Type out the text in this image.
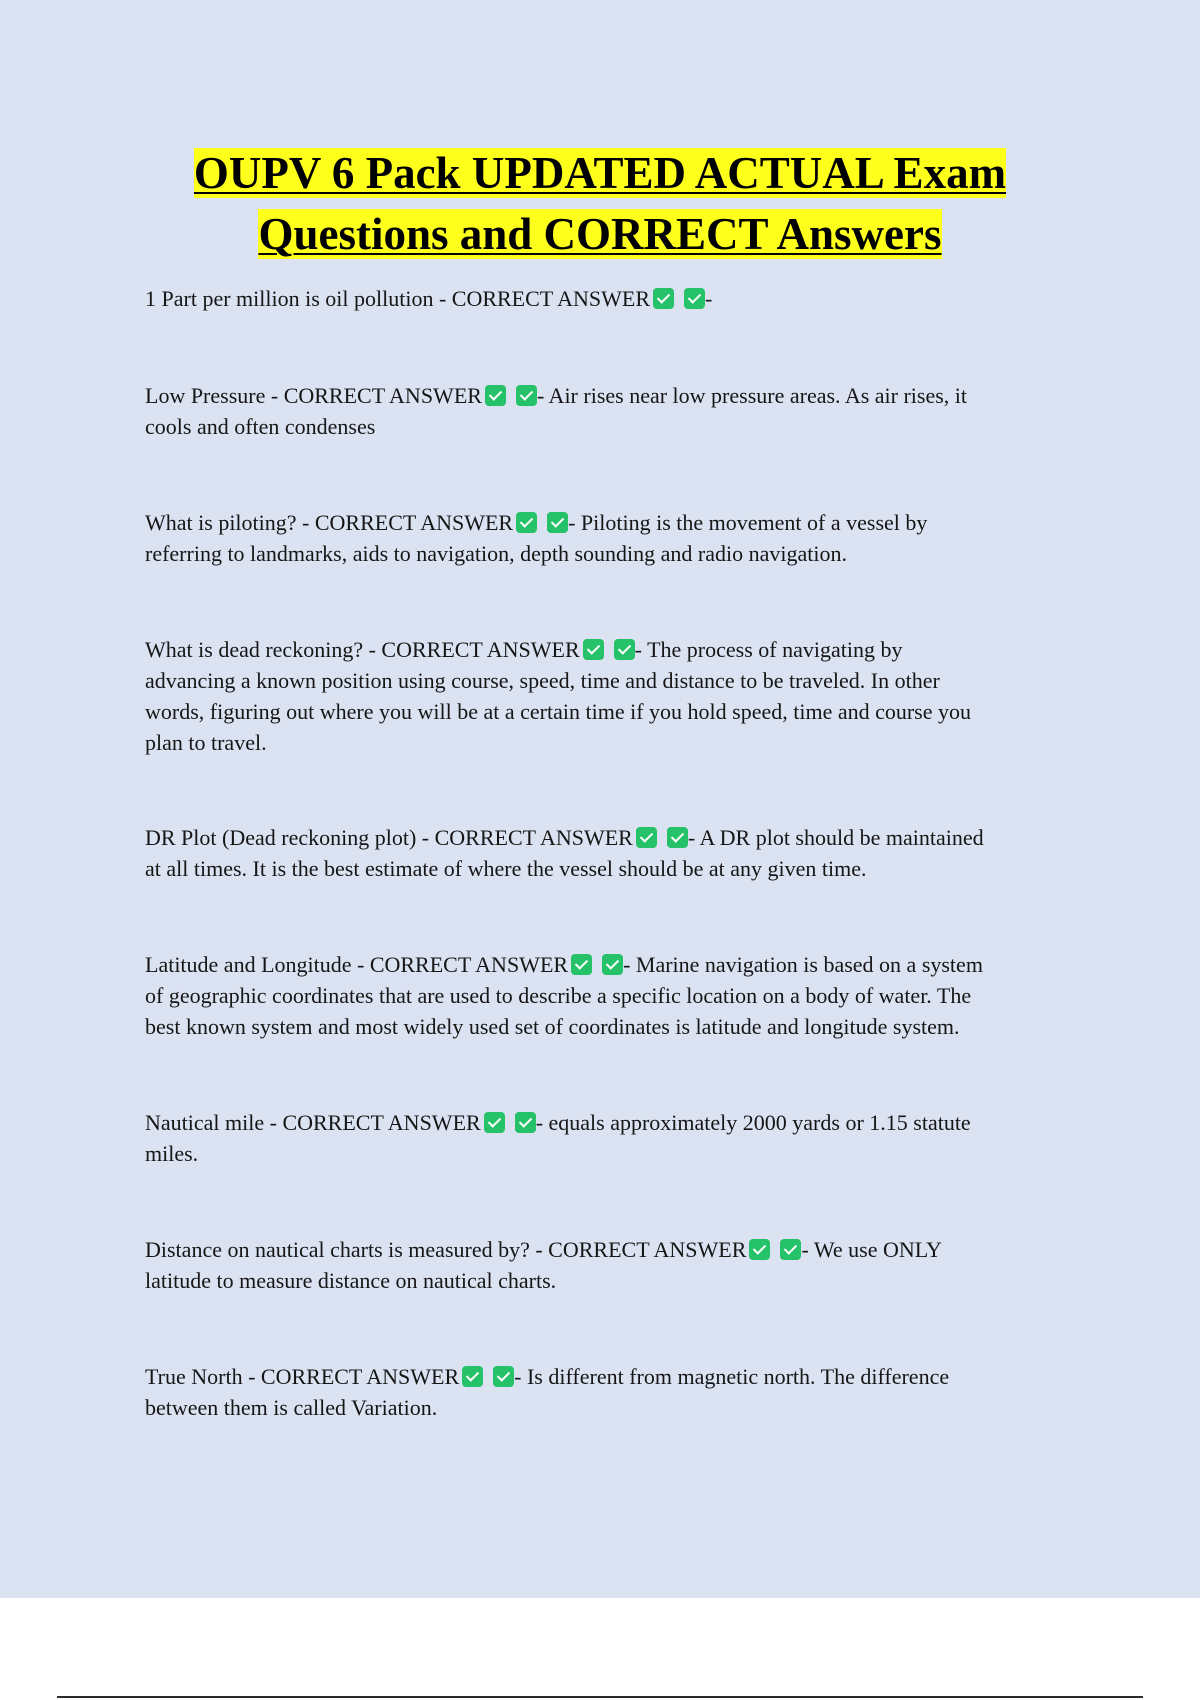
OUPV 6 Pack UPDATED ACTUAL Exam
Questions and CORRECT Answers

1 Part per million is oil pollution - CORRECT ANSWER	-

Low Pressure - CORRECT ANSWER	- Air rises near low pressure areas. As air rises, it
cools and often condenses

What is piloting? - CORRECT ANSWER	- Piloting is the movement of a vessel by
referring to landmarks, aids to navigation, depth sounding and radio navigation.

What is dead reckoning? - CORRECT ANSWER	- The process of navigating by
advancing a known position using course, speed, time and distance to be traveled. In other
words, figuring out where you will be at a certain time if you hold speed, time and course you
plan to travel.

DR Plot (Dead reckoning plot) - CORRECT ANSWER	- A DR plot should be maintained
at all times. It is the best estimate of where the vessel should be at any given time.

Latitude and Longitude - CORRECT ANSWER	- Marine navigation is based on a system
of geographic coordinates that are used to describe a specific location on a body of water. The
best known system and most widely used set of coordinates is latitude and longitude system.

Nautical mile - CORRECT ANSWER	- equals approximately 2000 yards or 1.15 statute
miles.

Distance on nautical charts is measured by? - CORRECT ANSWER	- We use ONLY
latitude to measure distance on nautical charts.

True North - CORRECT ANSWER	- Is different from magnetic north. The difference
between them is called Variation.
